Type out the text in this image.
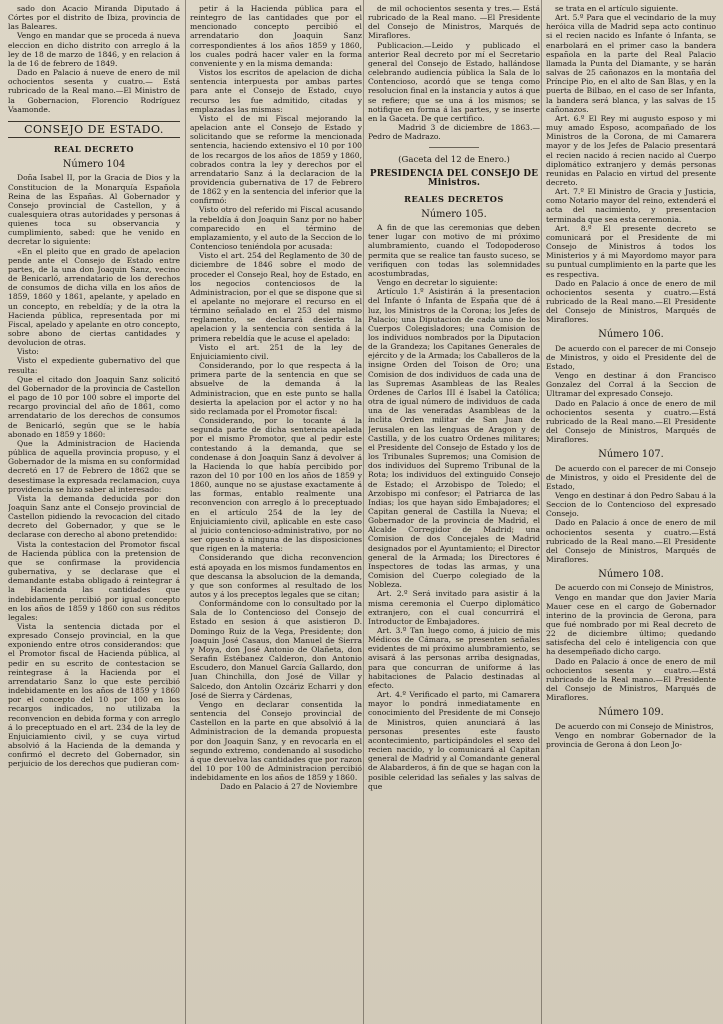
sado don Acacio Miranda Diputado á Córtes por el distrito de Ibiza, provincia de las Baleares.

Vengo en mandar que se proceda á nueva eleccion en dicho distrito con arreglo á la ley de 18 de marzo de 1846, y en relacion á la de 16 de febrero de 1849.

Dado en Palacio á nueve de enero de mil ochocientos sesenta y cuatro.— Está rubricado de la Real mano.—El Ministro de la Gobernacion, Florencio Rodríguez Vaamonde.

CONSEJO DE ESTADO.
REAL DECRETO
Número 104

Doña Isabel II, por la Gracia de Dios y la Constitucion de la Monarquía Española Reina de las Españas. Al Gobernador y Consejo provincial de Castellon, y á cualesquiera otras autoridades y personas á quienes toca su observancia y cumplimiento, sabed: que he venido en decretar lo siguiente:

«En el pleito que en grado de apelacion pende ante el Consejo de Estado entre partes, de la una don Joaquin Sanz, vecino de Benicarló, arrendatario de los derechos de consumos de dicha villa en los años de 1859, 1860 y 1861, apelante, y apelado en un concepto, en rebeldía; y de la otra la Hacienda pública, representada por mi Fiscal, apelado y apelante en otro concepto, sobre abono de ciertas cantidades y devolucion de otras.

Visto:

Visto el expediente gubernativo del que resulta:

Que el citado don Joaquin Sanz solicitó del Gobernador de la provincia de Castellon el pago de 10 por 100 sobre el importe del recargo provincial del año de 1861, como arrendatario de los derechos de consumos de Benicarló, según que se le había abonado en 1859 y 1860:

Que la Administracion de Hacienda pública de aquella provincia propuso, y el Gobernador de la misma en su conformidad decretó en 17 de Febrero de 1862 que se desestimase la expresada reclamacion, cuya providencia se hizo saber al interesado:

Vista la demanda deducida por don Joaquin Sanz ante el Consejo provincial de Castellon pidiendo la revocacion del citado decreto del Gobernador, y que se le declarase con derecho al abono pretendido:

Vista la contestacion del Promotor fiscal de Hacienda pública con la pretension de que se confirmase la providencia gubernativa, y se declarase que el demandante estaba obligado á reintegrar á la Hacienda las cantidades que indebidamente percibió por igual concepto en los años de 1859 y 1860 con sus réditos legales:

Vista la sentencia dictada por el expresado Consejo provincial, en la que exponiendo entre otros considerandos: que el Promotor fiscal de Hacienda pública, al pedir en su escrito de contestacion se reintegrase á la Hacienda por el arrendatario Sanz lo que este percibió indebidamente en los años de 1859 y 1860 por el concepto del 10 por 100 en los recargos indicados, no utilizaba la reconvencion en debida forma y con arreglo á lo preceptuado en el art. 234 de la ley de Enjuiciamiento civil, y se cuya virtud absolvió á la Hacienda de la demanda y confirmó el decreto del Gobernador, sin perjuicio de los derechos que pudieran com-

petir á la Hacienda pública para el reintegro de las cantidades que por el mencionado concepto percibió el arrendatario don Joaquin Sanz correspondientes á los años 1859 y 1860, los cuales podrá hacer valer en la forma conveniente y en la misma demanda:

Vistos los escritos de apelacion de dicha sentencia interpuesta por ambas partes para ante el Consejo de Estado, cuyo recurso les fue admitido, citadas y emplazadas las mismas:

Visto el de mi Fiscal mejorando la apelacion ante el Consejo de Estado y solicitando que se reforme la mencionada sentencia, haciendo extensivo el 10 por 100 de los recargos de los años de 1859 y 1860, cobrados contra la ley y derechos por el arrendatario Sanz á la declaracion de la providencia gubernativa de 17 de Febrero de 1862 y en la sentencia del inferior que la confirmó:

Visto otro del referido mi Fiscal acusando la rebeldía á don Joaquin Sanz por no haber comparecido en el término de emplazamiento, y el auto de la Seccion de lo Contencioso teniéndola por acusada:

Visto el art. 254 del Reglamento de 30 de diciembre de 1846 sobre el modo de proceder el Consejo Real, hoy de Estado, en los negocios contenciosos de la Administracion, por el que se dispone que si el apelante no mejorare el recurso en el término señalado en el 253 del mismo reglamento, se declarará desierta la apelacion y la sentencia con sentida á la primera rebeldía que le acuse el apelado:

Visto el art. 251 de la ley de Enjuiciamiento civil.

Considerando, por lo que respecta á la primera parte de la sentencia en que se absuelve de la demanda á la Administracion, que en este punto se halla desierta la apelacion por el actor y no ha sido reclamada por el Promotor fiscal:

Considerando, por lo tocante á la segunda parte de dicha sentencia apelada por el mismo Promotor, que al pedir este contestando á la demanda, que se condenase á don Joaquin Sanz á devolver á la Hacienda lo que había percibido por razon del 10 por 100 en los años de 1859 y 1860, aunque no se ajustase exactamente á las formas, entablo realmente una reconvencion con arreglo á lo preceptuado en el artículo 254 de la ley de Enjuiciamiento civil, aplicable en este caso al juicio contencioso-administrativo, por no ser opuesto á ninguna de las disposiciones que rigen en la materia:

Considerando que dicha reconvencion está apoyada en los mismos fundamentos en que descansa la absolucion de la demanda, y que son conformes al resultado de los autos y á los preceptos legales que se citan;

Conformándome con lo consultado por la Sala de lo Contencioso del Consejo de Estado en sesion á que asistieron D. Domingo Ruiz de la Vega, Presidente; don Joaquin José Casaus, don Manuel de Sierra y Moya, don José Antonio de Olañeta, don Serafin Estébanez Calderon, don Antonio Escudero, don Manuel García Gallardo, don Juan Chinchilla, don José de Villar y Salcedo, don Antolin Ozcáriz Echarri y don José de Sierra y Cárdenas,

Vengo en declarar consentida la sentencia del Consejo provincial de Castellon en la parte en que absolvió á la Administracion de la demanda propuesta por don Joaquin Sanz, y en revocarla en el segundo extremo, condenando al susodicho á que devuelva las cantidades que por razon del 10 por 100 de Administracion percibió indebidamente en los años de 1859 y 1860.

Dado en Palacio á 27 de Noviembre

de mil ochocientos sesenta y tres.— Está rubricado de la Real mano. —El Presidente del Consejo de Ministros, Marqués de Miraflores.

Publicacion.—Leido y publicado el anterior Real decreto por mí el Secretario general del Consejo de Estado, hallándose celebrando audiencia pública la Sala de lo Contencioso, acordó que se tenga como resolucion final en la instancia y autos á que se refiere; que se una á los mismos; se notifique en forma á las partes, y se inserte en la Gaceta. De que certifico.

Madrid 3 de diciembre de 1863.— Pedro de Madrazo.

(Gaceta del 12 de Enero.)
PRESIDENCIA DEL CONSEJO DE Ministros.
REALES DECRETOS
Número 105.

A fin de que las ceremonias que deben tener lugar con motivo de mi próximo alumbramiento, cuando el Todopoderoso permita que se realice tan fausto suceso, se verifiquen con todas las solemnidades acostumbradas,

Vengo en decretar lo siguiente:

Artículo 1.º Asistirán á la presentacion del Infante ó Infanta de España que dé á luz, los Ministros de la Corona; los Jefes de Palacio; una Diputacion de cada uno de los Cuerpos Colegisladores; una Comision de los individuos nombrados por la Diputacion de la Grandeza; los Capitanes Generales de ejército y de la Armada; los Caballeros de la insigne Orden del Toison de Oro; una Comision de dos individuos de cada una de las Supremas Asambleas de las Reales Ordenes de Carlos III é Isabel la Católica; otra de igual número de individuos de cada una de las veneradas Asambleas de la ínclita Orden militar de San Juan de Jerusalen en las lenguas de Aragon y de Castilla, y de los cuatro Ordenes militares; el Presidente del Consejo de Estado y los de los Tribunales Supremos; una Comision de dos individuos del Supremo Tribunal de la Rota; los individuos del extinguido Consejo de Estado; el Arzobispo de Toledo; el Arzobispo mi confesor; el Patriarca de las Indias; los que hayan sido Embajadores; el Capitan general de Castilla la Nueva; el Gobernador de la provincia de Madrid, el Alcalde Corregidor de Madrid; una Comision de dos Concejales de Madrid designados por el Ayuntamiento; el Director general de la Armada; los Directores é Inspectores de todas las armas, y una Comision del Cuerpo colegiado de la Nobleza.

Art. 2.º Será invitado para asistir á la misma ceremonia el Cuerpo diplomático extranjero, con el cual concurrirá el Introductor de Embajadores.

Art. 3.º Tan luego como, á juicio de mis Médicos de Cámara, se presenten señales evidentes de mi próximo alumbramiento, se avisará á las personas arriba designadas, para que concurran de uniforme á las habitaciones de Palacio destinadas al efecto.

Art. 4.º Verificado el parto, mi Camarera mayor lo pondrá inmediatamente en conocimiento del Presidente de mi Consejo de Ministros, quien anunciará á las personas presentes este fausto acontecimiento, participándoles el sexo del recien nacido, y lo comunicará al Capitan general de Madrid y al Comandante general de Alabarderos, á fin de que se hagan con la posible celeridad las señales y las salvas de que

se trata en el artículo siguiente.

Art. 5.º Para que el vecindario de la muy heróica villa de Madrid sepa acto continuo si el recien nacido es Infante ó Infanta, se enarbolará en el primer caso la bandera española en la parte del Real Palacio llamada la Punta del Diamante, y se harán salvas de 25 cañonazos en la montaña del Príncipe Pio, en el alto de San Blas, y en la puerta de Bilbao, en el caso de ser Infanta, la bandera será blanca, y las salvas de 15 cañonazos.

Art. 6.º El Rey mi augusto esposo y mi muy amado Esposo, acompañado de los Ministros de la Corona, de mi Camarera mayor y de los Jefes de Palacio presentará el recien nacido á recien nacido al Cuerpo diplomático extranjero y demás personas reunidas en Palacio en virtud del presente decreto.

Art. 7.º El Ministro de Gracia y Justicia, como Notario mayor del reino, extenderá el acta del nacimiento, y presentacion terminada que sea esta ceremonia.

Art. 8.º El presente decreto se comunicará por el Presidente de mi Consejo de Ministros á todos los Ministerios y á mi Mayordomo mayor para su puntual cumplimiento en la parte que les es respectiva.

Dado en Palacio á once de enero de mil ochocientos sesenta y cuatro.—Está rubricado de la Real mano.—El Presidente del Consejo de Ministros, Marqués de Miraflores.

Número 106.

De acuerdo con el parecer de mi Consejo de Ministros, y oido el Presidente del de Estado,

Vengo en destinar á don Francisco Gonzalez del Corral á la Seccion de Ultramar del expresado Consejo.

Dado en Palacio á once de enero de mil ochocientos sesenta y cuatro.—Está rubricado de la Real mano.—El Presidente del Consejo de Ministros, Marqués de Miraflores.

Número 107.

De acuerdo con el parecer de mi Consejo de Ministros, y oido el Presidente del de Estado,

Vengo en destinar á don Pedro Sabau á la Seccion de lo Contencioso del expresado Consejo.

Dado en Palacio á once de enero de mil ochocientos sesenta y cuatro.—Está rubricado de la Real mano.—El Presidente del Consejo de Ministros, Marqués de Miraflores.

Número 108.

De acuerdo con mi Consejo de Ministros,

Vengo en mandar que don Javier María Mauer cese en el cargo de Gobernador interino de la provincia de Gerona, para que fué nombrado por mi Real decreto de 22 de diciembre último; quedando satisfecha del celo é inteligencia con que ha desempeñado dicho cargo.

Dado en Palacio á once de enero de mil ochocientos sesenta y cuatro.—Está rubricado de la Real mano.—El Presidente del Consejo de Ministros, Marqués de Miraflores.

Número 109.

De acuerdo con mi Consejo de Ministros,

Vengo en nombrar Gobernador de la provincia de Gerona á don Leon Jo-
